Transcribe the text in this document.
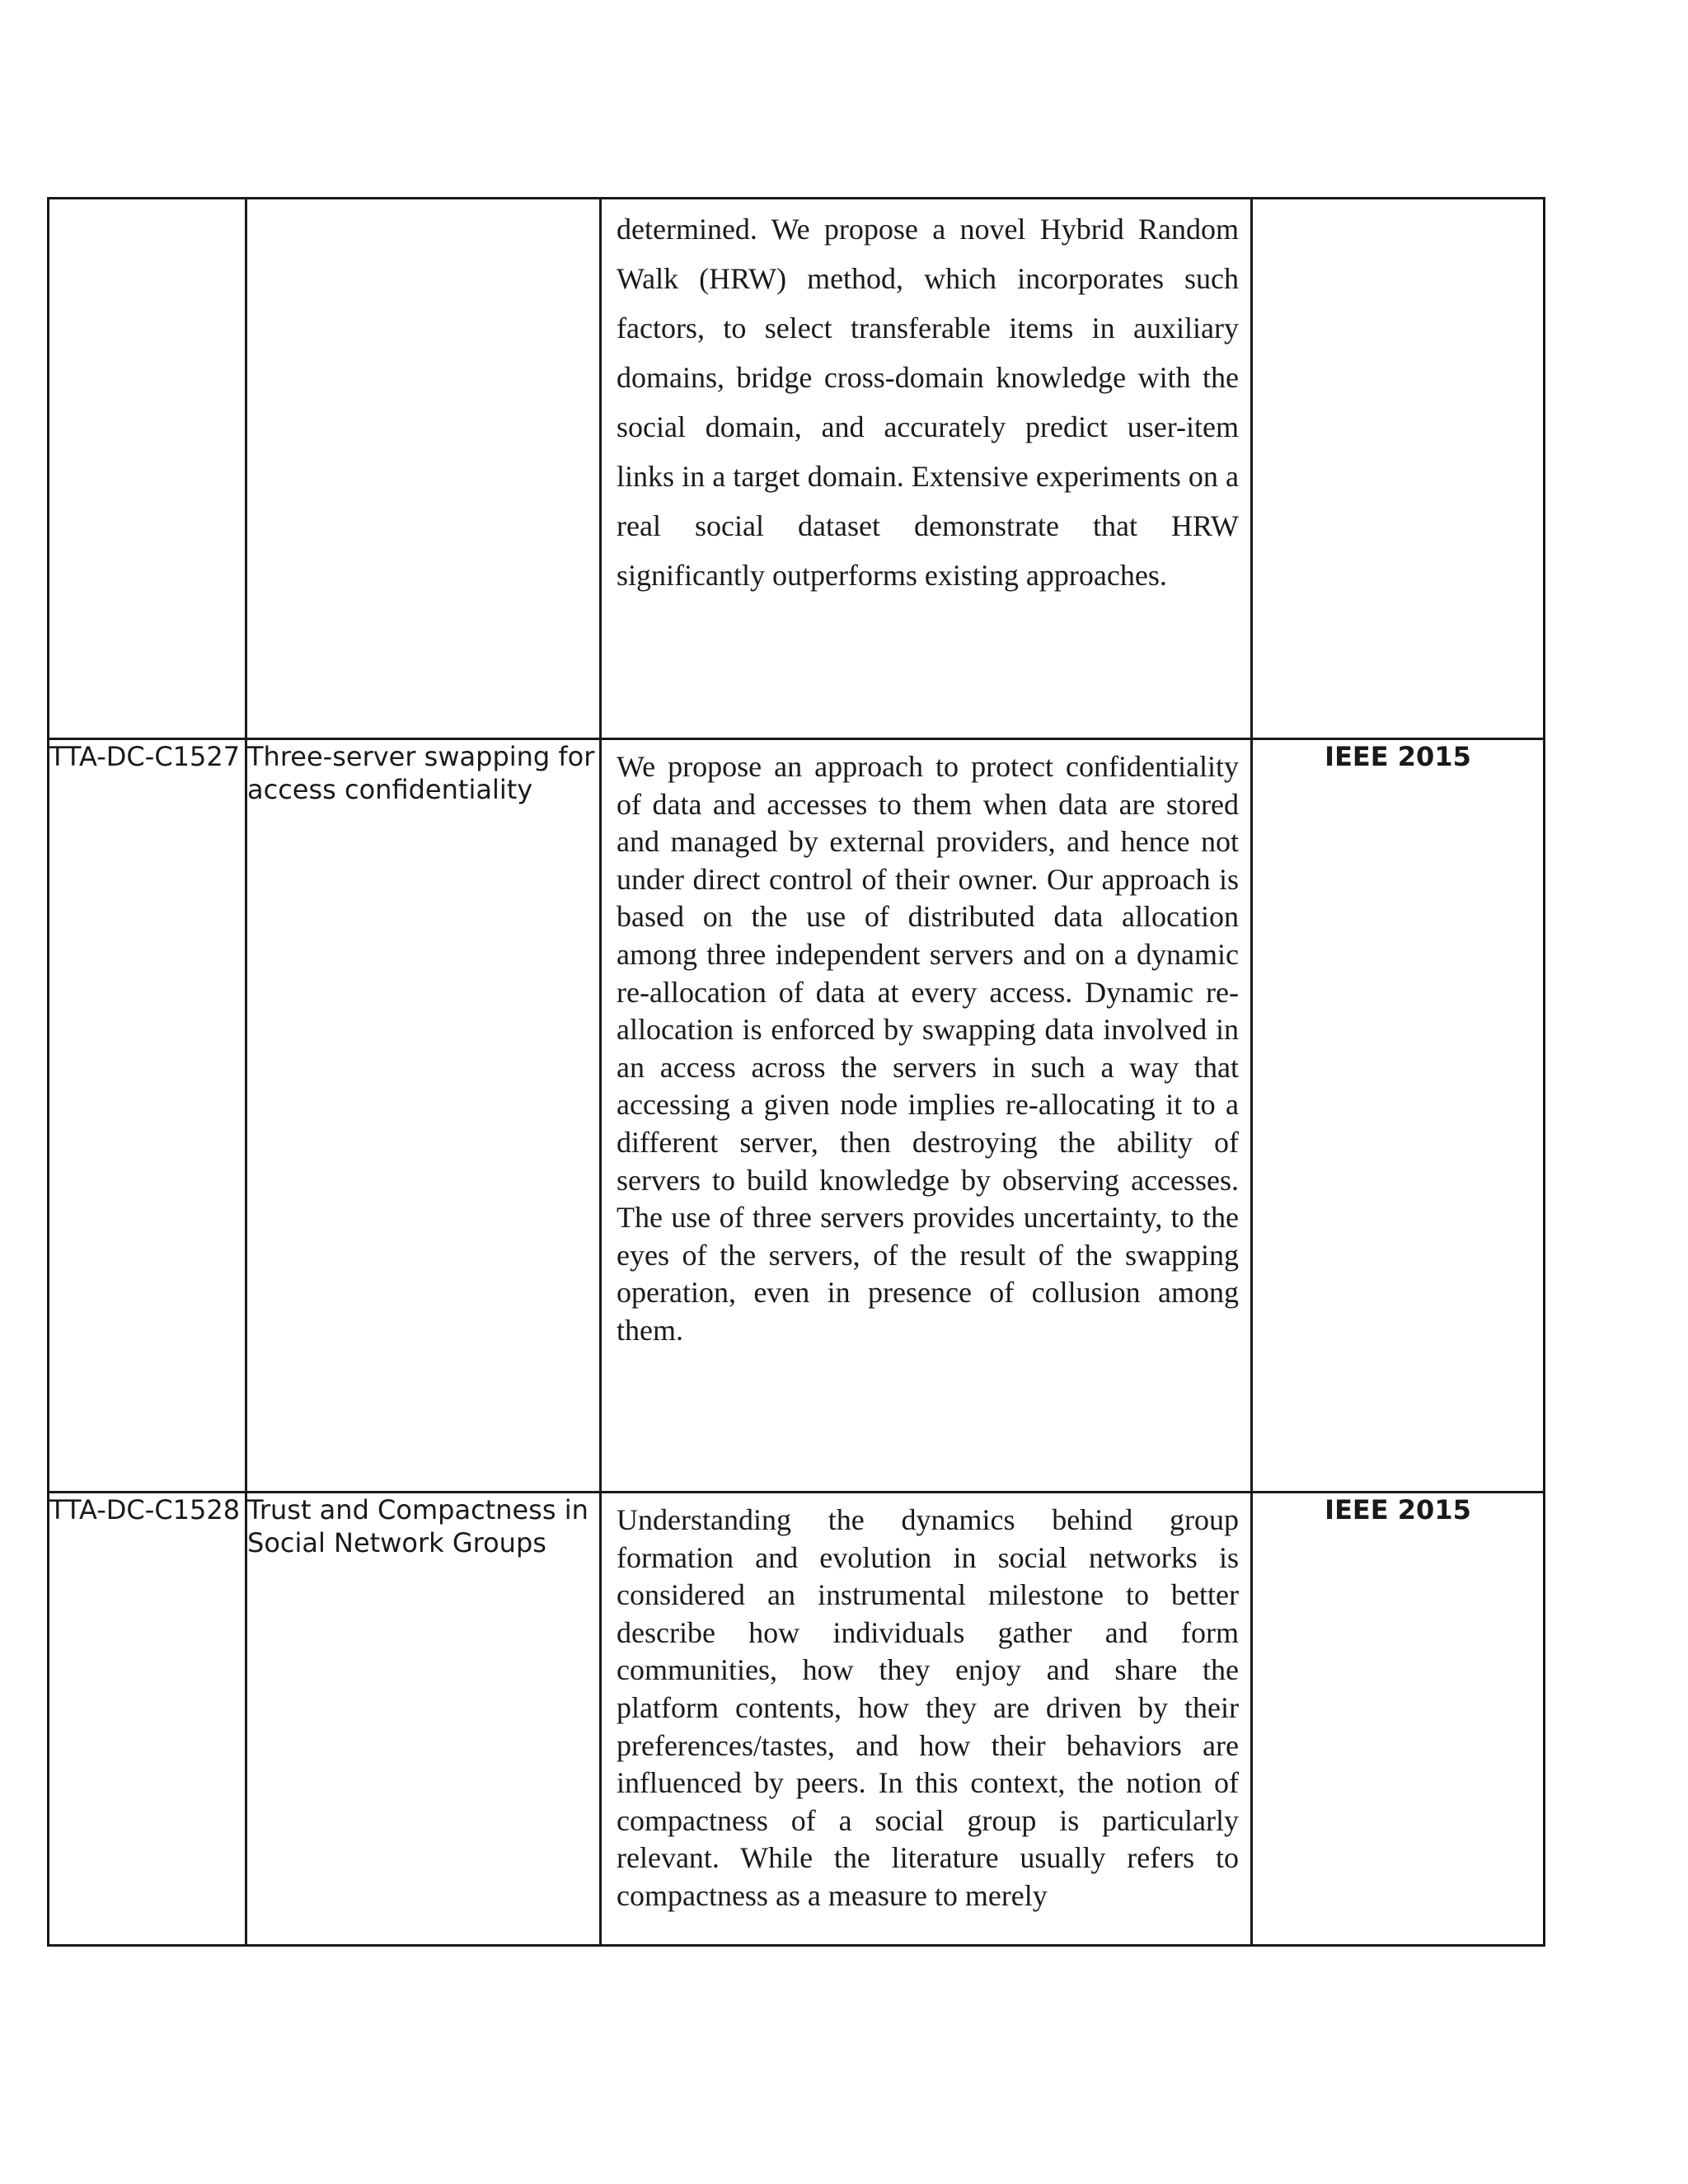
		determined. We propose a novel Hybrid Random Walk (HRW) method, which incorporates such factors, to select transferable items in auxiliary domains, bridge cross-domain knowledge with the social domain, and accurately predict user-item links in a target domain. Extensive experiments on a real social dataset demonstrate that HRW significantly outperforms existing approaches.	

TTA-DC-C1527	Three-server swapping for access confidentiality	We propose an approach to protect confidentiality of data and accesses to them when data are stored and managed by external providers, and hence not under direct control of their owner. Our approach is based on the use of distributed data allocation among three independent servers and on a dynamic re-allocation of data at every access. Dynamic re-allocation is enforced by swapping data involved in an access across the servers in such a way that accessing a given node implies re-allocating it to a different server, then destroying the ability of servers to build knowledge by observing accesses. The use of three servers provides uncertainty, to the eyes of the servers, of the result of the swapping operation, even in presence of collusion among them.	IEEE 2015
TTA-DC-C1528	Trust and Compactness in Social Network Groups	Understanding the dynamics behind group formation and evolution in social networks is considered an instrumental milestone to better describe how individuals gather and form communities, how they enjoy and share the platform contents, how they are driven by their preferences/tastes, and how their behaviors are influenced by peers. In this context, the notion of compactness of a social group is particularly relevant. While the literature usually refers to compactness as a measure to merely	IEEE 2015
